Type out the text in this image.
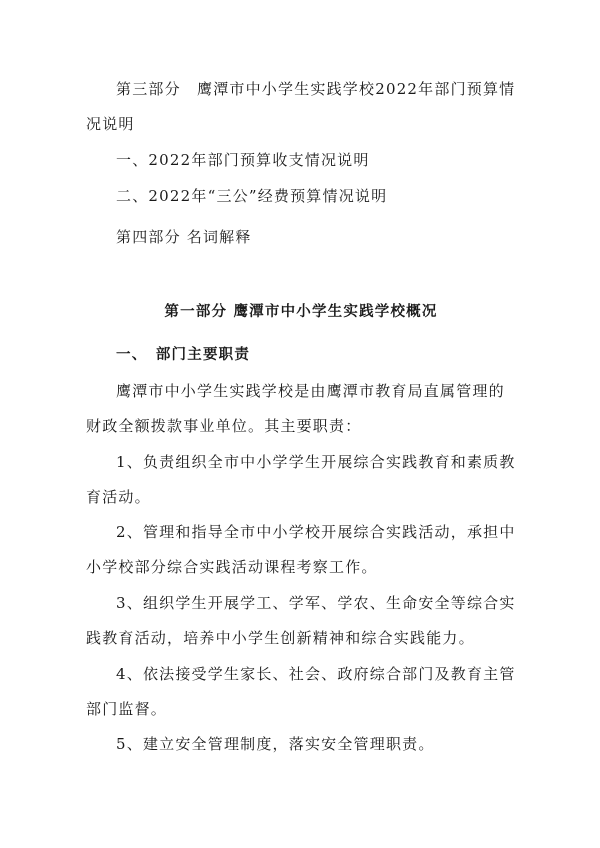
第三部分　鹰潭市中小学生实践学校2022年部门预算情况说明

一、2022年部门预算收支情况说明

二、2022年“三公”经费预算情况说明

第四部分 名词解释

第一部分 鹰潭市中小学生实践学校概况

一、　部门主要职责

鹰潭市中小学生实践学校是由鹰潭市教育局直属管理的财政全额拨款事业单位。其主要职责：

1、负责组织全市中小学学生开展综合实践教育和素质教育活动。

2、管理和指导全市中小学校开展综合实践活动，承担中小学校部分综合实践活动课程考察工作。

3、组织学生开展学工、学军、学农、生命安全等综合实践教育活动，培养中小学生创新精神和综合实践能力。

4、依法接受学生家长、社会、政府综合部门及教育主管部门监督。

5、建立安全管理制度，落实安全管理职责。
